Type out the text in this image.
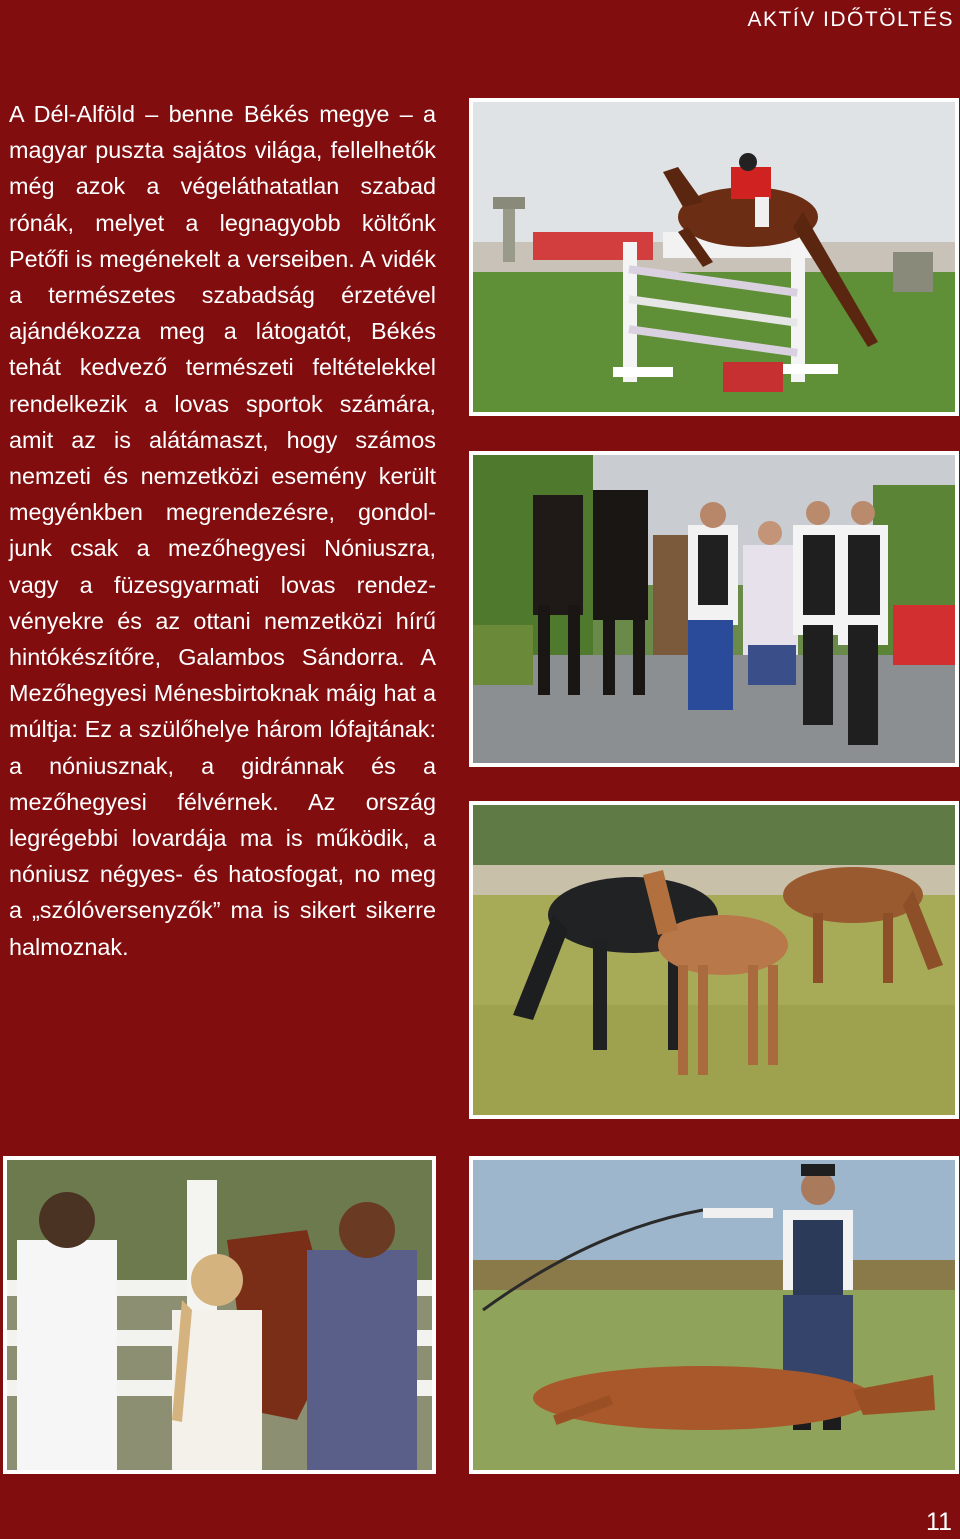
AKTÍV IDŐTÖLTÉS
A Dél-Alföld – benne Békés megye – a magyar puszta sajátos világa, fellelhetők még azok a végeláthatatlan szabad rónák, melyet a legnagyobb költőnk Petőfi is megénekelt a verseiben. A vidék a természetes szabadság érzetével ajándékozza meg a látogatót, Békés tehát kedvező természeti feltételekkel rendelkezik a lovas sportok számára, amit az is alátámaszt, hogy számos nemzeti és nemzetközi esemény került megyénkben megrendezésre, gondoljunk csak a mezőhegyesi Nóniuszra, vagy a füzesgyarmati lovas rendezvényekre és az ottani nemzetközi hírű hintókészítőre, Galambos Sándorra. A Mezőhegyesi Ménesbirtoknak máig hat a múltja: Ez a szülőhelye három lófajtának: a nóniusznak, a gidránnak és a mezőhegyesi félvérnek. Az ország legrégebbi lovardája ma is működik, a nóniusz négyes- és hatosfogat, no meg a „szólóversenyzők” ma is sikert sikerre halmoznak.
11
